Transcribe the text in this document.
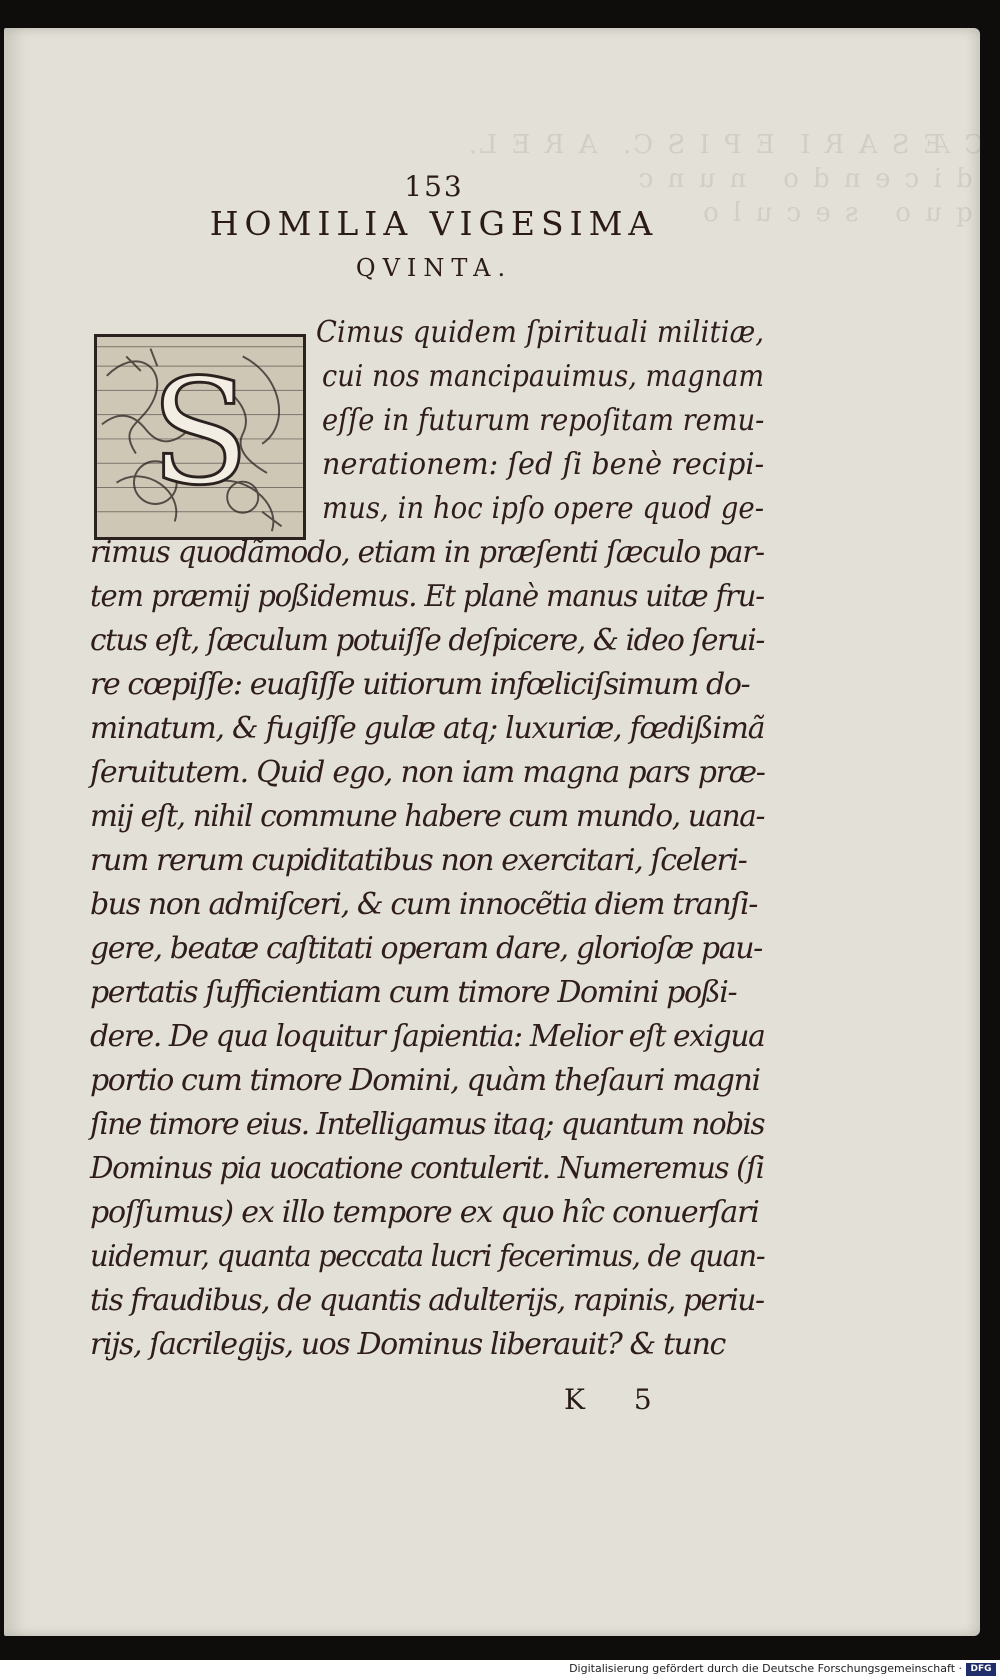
C Æ S A R I  E P I S C.  A R E L.
d i c e n d o   n u n c
q u o   s e c u l o
153
HOMILIA VIGESIMA
QVINTA.
S
Cimus quidem ſpirituali militiæ,
cui nos mancipauimus, magnam
eſſe in futurum repoſitam remu-
nerationem: ſed ſi benè recipi-
mus, in hoc ipſo opere quod ge-
rimus quodãmodo, etiam in præſenti ſæculo par-
tem præmij poßidemus. Et planè manus uitæ fru-
ctus eſt, ſæculum potuiſſe deſpicere, & ideo ſerui-
re cœpiſſe: euaſiſſe uitiorum infœliciſsimum do-
minatum, & fugiſſe gulæ atq; luxuriæ, fœdißimã
ſeruitutem. Quid ego, non iam magna pars præ-
mij eſt, nihil commune habere cum mundo, uana-
rum rerum cupiditatibus non exercitari, ſceleri-
bus non admiſceri, & cum innocẽtia diem tranſi-
gere, beatæ caſtitati operam dare, glorioſæ pau-
pertatis ſufficientiam cum timore Domini poßi-
dere. De qua loquitur ſapientia: Melior eſt exigua
portio cum timore Domini, quàm theſauri magni
ſine timore eius. Intelligamus itaq; quantum nobis
Dominus pia uocatione contulerit. Numeremus (ſi
poſſumus) ex illo tempore ex quo hîc conuerſari
uidemur, quanta peccata lucri fecerimus, de quan-
tis fraudibus, de quantis adulterijs, rapinis, periu-
rijs, ſacrilegijs, uos Dominus liberauit? & tunc
K 5
Digitalisierung gefördert durch die Deutsche Forschungsgemeinschaft · DFG
